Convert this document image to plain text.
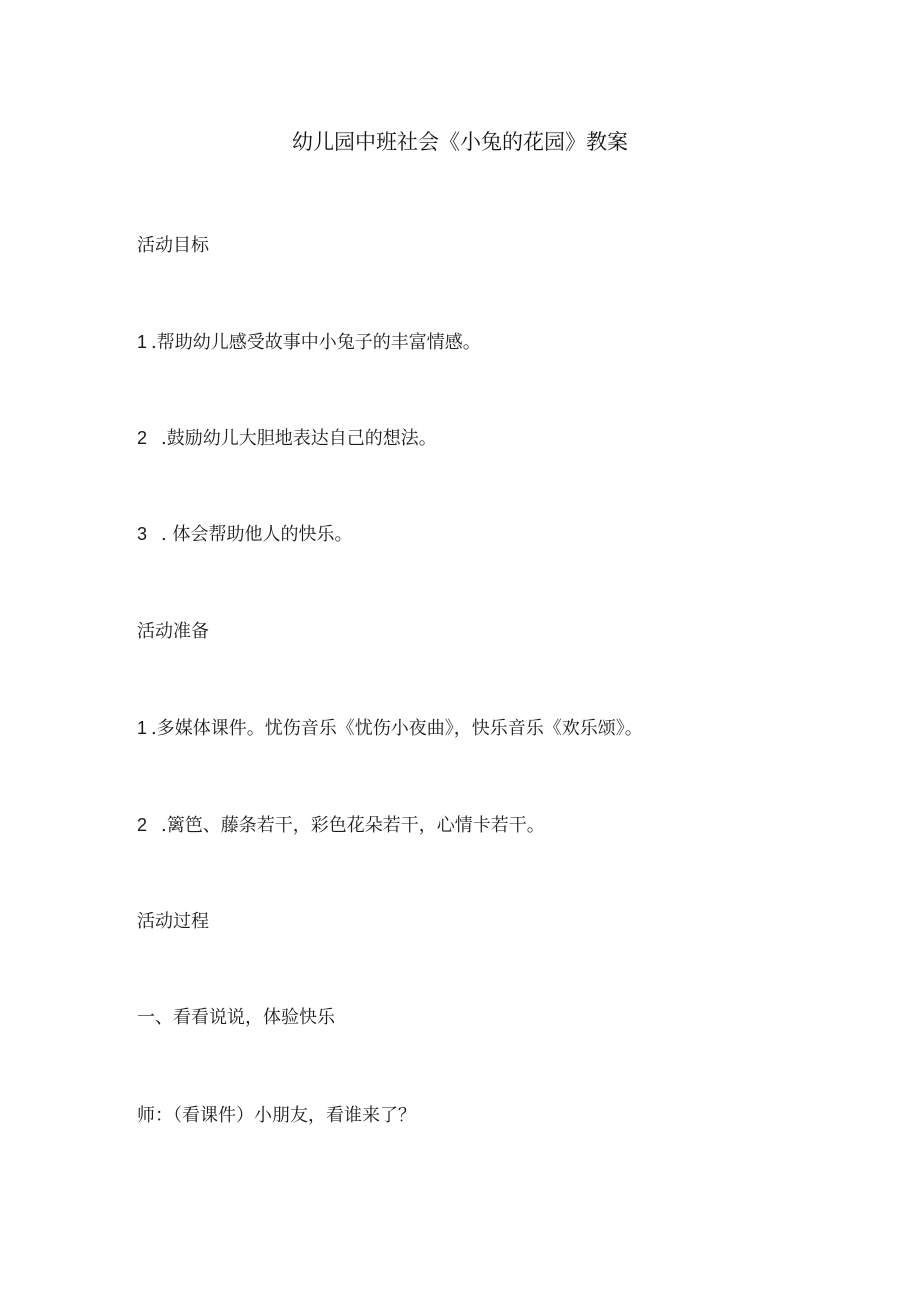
幼儿园中班社会《小兔的花园》教案
活动目标
1 .帮助幼儿感受故事中小兔子的丰富情感。
2 .鼓励幼儿大胆地表达自己的想法。
3 . 体会帮助他人的快乐。
活动准备
1 .多媒体课件。忧伤音乐《忧伤小夜曲》，快乐音乐《欢乐颂》。
2 .篱笆、藤条若干，彩色花朵若干，心情卡若干。
活动过程
一、看看说说，体验快乐
师：（看课件）小朋友，看谁来了？
